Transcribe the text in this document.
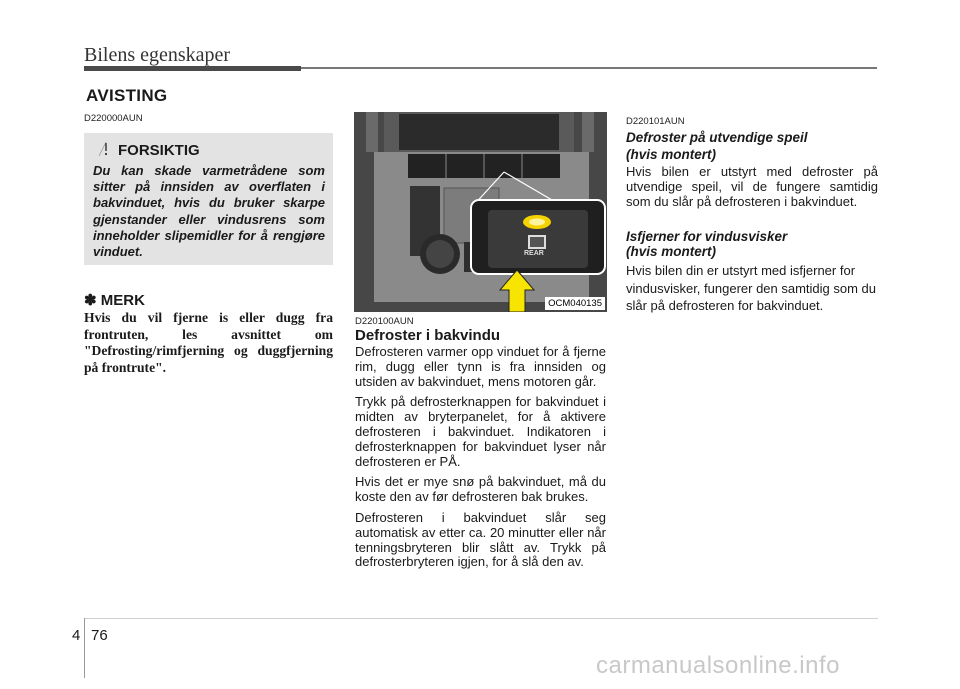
Bilens egenskaper
AVISTING
D220000AUN
FORSIKTIG
Du kan skade varmetrådene som sitter på innsiden av overflaten i bakvinduet, hvis du bruker skarpe gjenstander eller vindusrens som inneholder slipemidler for å rengjøre vinduet.
✽ MERK
Hvis du vil fjerne is eller dugg fra frontruten, les avsnittet om "Defrosting/rimfjerning og duggfjerning på frontrute".
REAR
OCM040135
D220100AUN
Defroster i bakvindu

Defrosteren varmer opp vinduet for å fjerne rim, dugg eller tynn is fra innsiden og utsiden av bakvinduet, mens motoren går.

Trykk på defrosterknappen for bakvinduet i midten av bryterpanelet, for å aktivere defrosteren i bakvinduet. Indikatoren i defrosterknappen for bakvinduet lyser når defrosteren er PÅ.

Hvis det er mye snø på bakvinduet, må du koste den av før defrosteren bak brukes.

Defrosteren i bakvinduet slår seg automatisk av etter ca. 20 minutter eller når tenningsbryteren blir slått av. Trykk på defrosterbryteren igjen, for å slå den av.

D220101AUN
Defroster på utvendige speil
(hvis montert)

Hvis bilen er utstyrt med defroster på utvendige speil, vil de fungere samtidig som du slår på defrosteren i bakvinduet.

Isfjerner for vindusvisker
(hvis montert)

Hvis bilen din er utstyrt med isfjerner for vindusvisker, fungerer den samtidig som du slår på defrosteren for bakvinduet.

4 76
carmanualsonline.info
